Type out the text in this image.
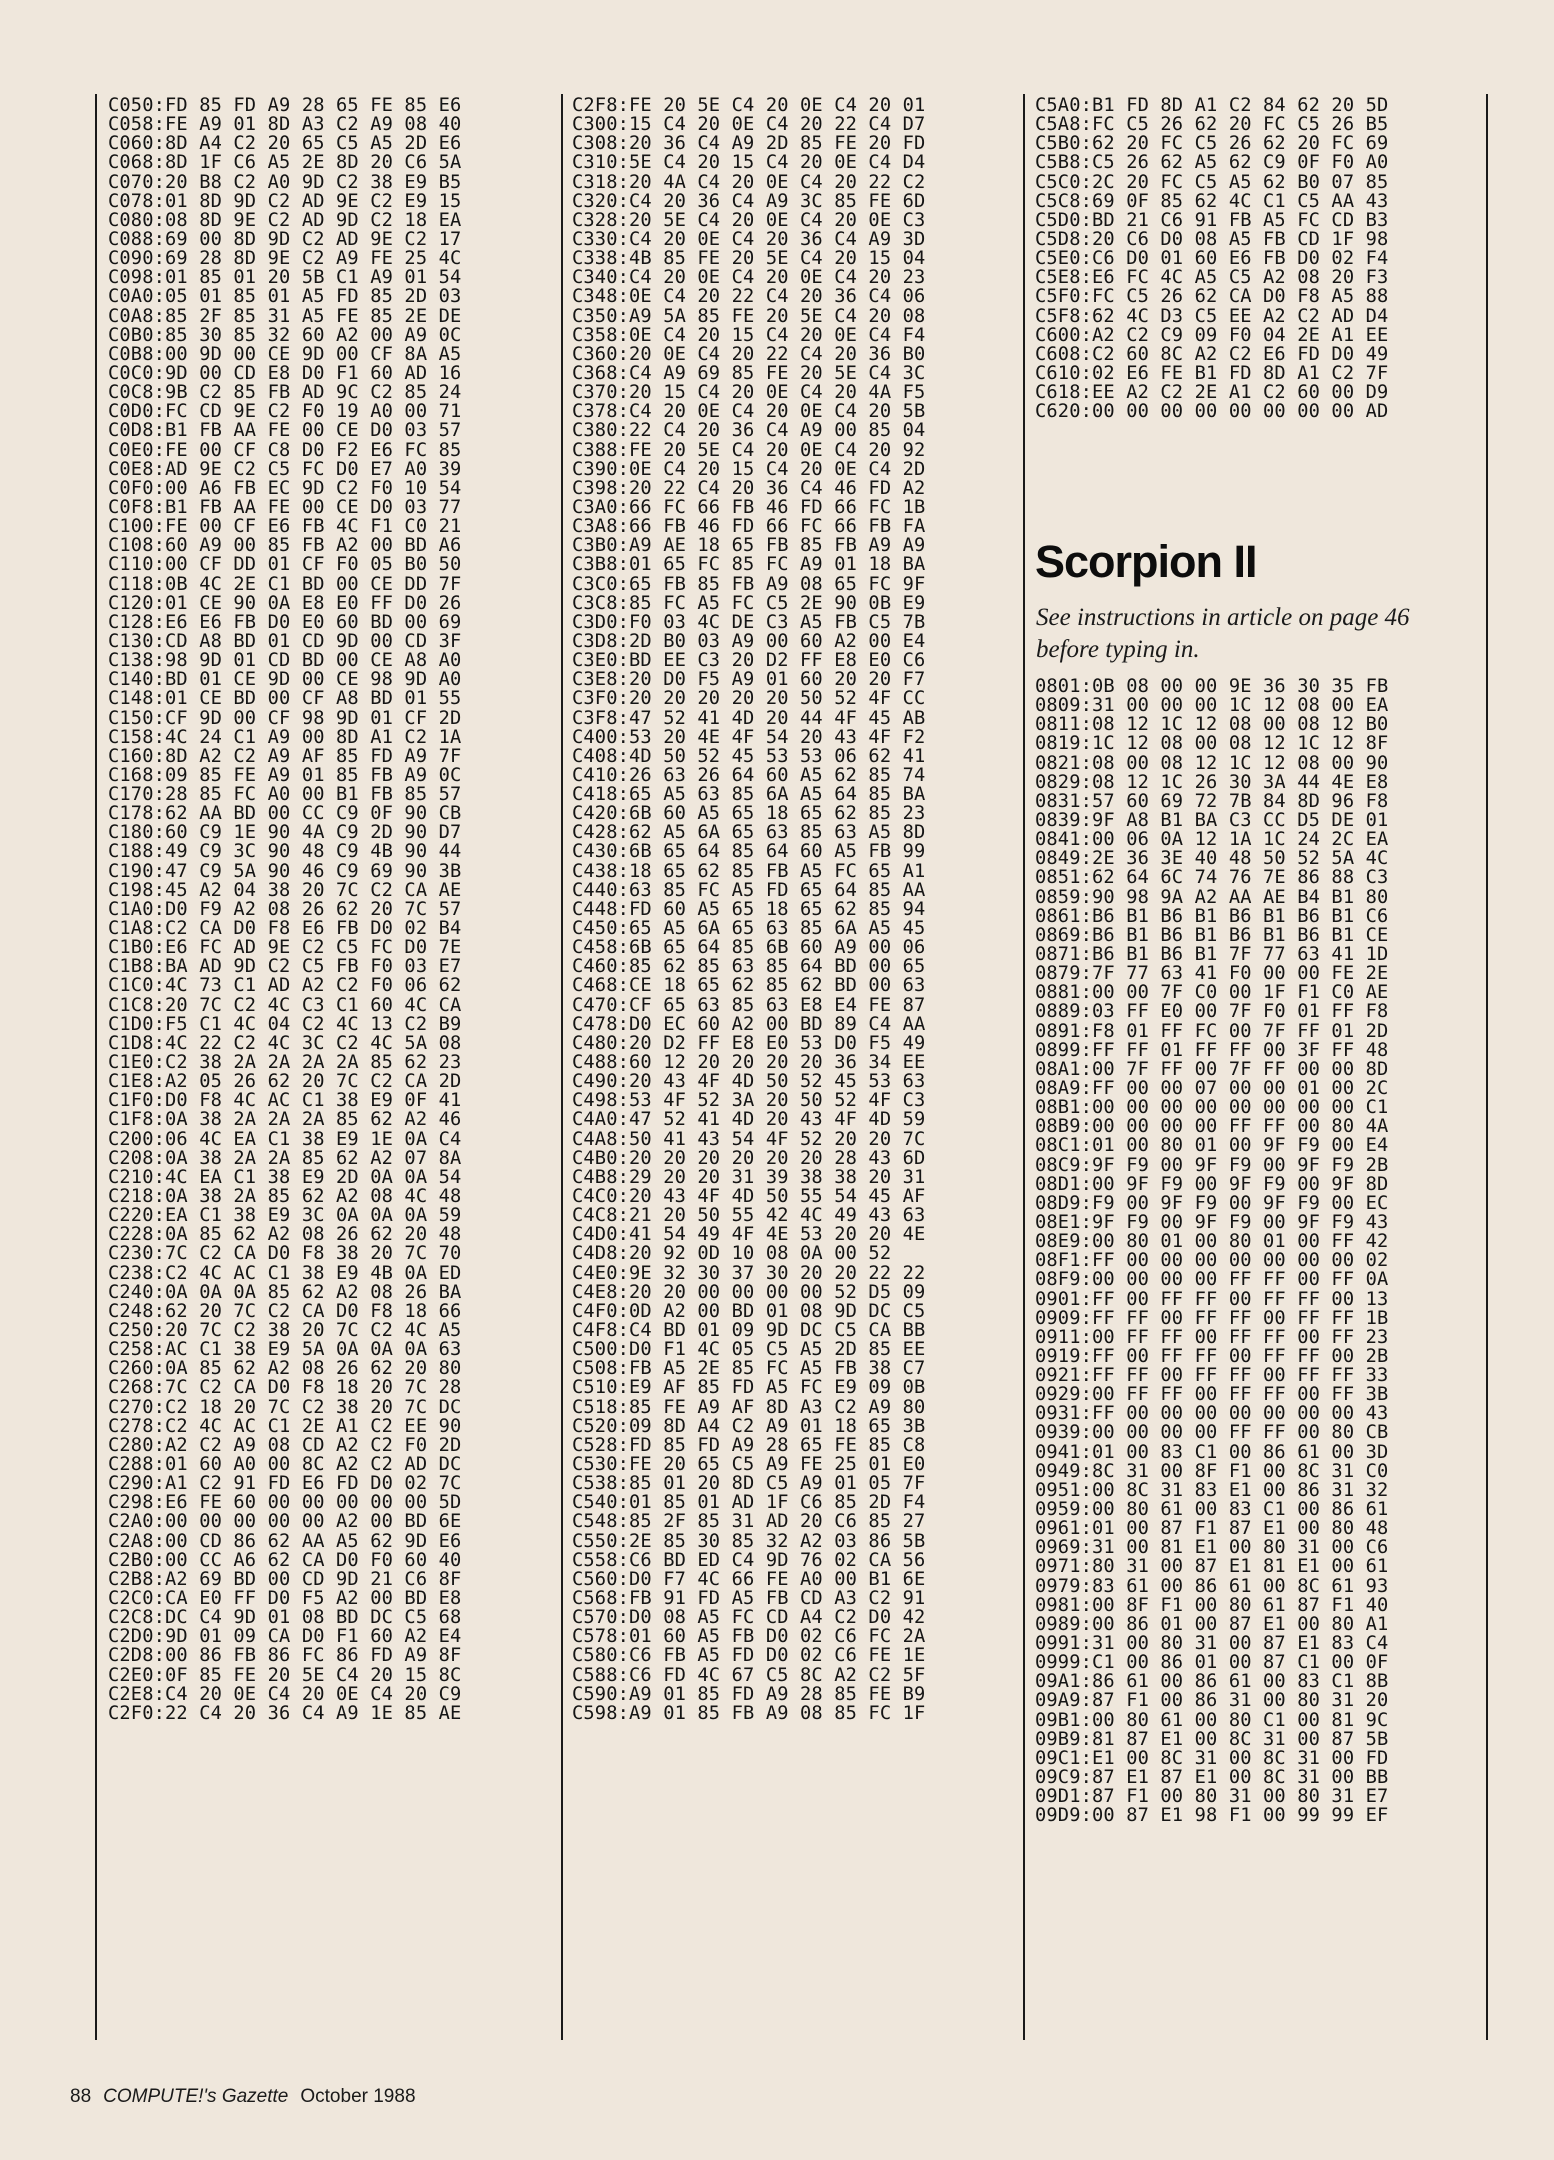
C050:FD 85 FD A9 28 65 FE 85 E6
C058:FE A9 01 8D A3 C2 A9 08 40
C060:8D A4 C2 20 65 C5 A5 2D E6
C068:8D 1F C6 A5 2E 8D 20 C6 5A
C070:20 B8 C2 A0 9D C2 38 E9 B5
C078:01 8D 9D C2 AD 9E C2 E9 15
C080:08 8D 9E C2 AD 9D C2 18 EA
C088:69 00 8D 9D C2 AD 9E C2 17
C090:69 28 8D 9E C2 A9 FE 25 4C
C098:01 85 01 20 5B C1 A9 01 54
C0A0:05 01 85 01 A5 FD 85 2D 03
C0A8:85 2F 85 31 A5 FE 85 2E DE
C0B0:85 30 85 32 60 A2 00 A9 0C
C0B8:00 9D 00 CE 9D 00 CF 8A A5
C0C0:9D 00 CD E8 D0 F1 60 AD 16
C0C8:9B C2 85 FB AD 9C C2 85 24
C0D0:FC CD 9E C2 F0 19 A0 00 71
C0D8:B1 FB AA FE 00 CE D0 03 57
C0E0:FE 00 CF C8 D0 F2 E6 FC 85
C0E8:AD 9E C2 C5 FC D0 E7 A0 39
C0F0:00 A6 FB EC 9D C2 F0 10 54
C0F8:B1 FB AA FE 00 CE D0 03 77
C100:FE 00 CF E6 FB 4C F1 C0 21
C108:60 A9 00 85 FB A2 00 BD A6
C110:00 CF DD 01 CF F0 05 B0 50
C118:0B 4C 2E C1 BD 00 CE DD 7F
C120:01 CE 90 0A E8 E0 FF D0 26
C128:E6 E6 FB D0 E0 60 BD 00 69
C130:CD A8 BD 01 CD 9D 00 CD 3F
C138:98 9D 01 CD BD 00 CE A8 A0
C140:BD 01 CE 9D 00 CE 98 9D A0
C148:01 CE BD 00 CF A8 BD 01 55
C150:CF 9D 00 CF 98 9D 01 CF 2D
C158:4C 24 C1 A9 00 8D A1 C2 1A
C160:8D A2 C2 A9 AF 85 FD A9 7F
C168:09 85 FE A9 01 85 FB A9 0C
C170:28 85 FC A0 00 B1 FB 85 57
C178:62 AA BD 00 CC C9 0F 90 CB
C180:60 C9 1E 90 4A C9 2D 90 D7
C188:49 C9 3C 90 48 C9 4B 90 44
C190:47 C9 5A 90 46 C9 69 90 3B
C198:45 A2 04 38 20 7C C2 CA AE
C1A0:D0 F9 A2 08 26 62 20 7C 57
C1A8:C2 CA D0 F8 E6 FB D0 02 B4
C1B0:E6 FC AD 9E C2 C5 FC D0 7E
C1B8:BA AD 9D C2 C5 FB F0 03 E7
C1C0:4C 73 C1 AD A2 C2 F0 06 62
C1C8:20 7C C2 4C C3 C1 60 4C CA
C1D0:F5 C1 4C 04 C2 4C 13 C2 B9
C1D8:4C 22 C2 4C 3C C2 4C 5A 08
C1E0:C2 38 2A 2A 2A 2A 85 62 23
C1E8:A2 05 26 62 20 7C C2 CA 2D
C1F0:D0 F8 4C AC C1 38 E9 0F 41
C1F8:0A 38 2A 2A 2A 85 62 A2 46
C200:06 4C EA C1 38 E9 1E 0A C4
C208:0A 38 2A 2A 85 62 A2 07 8A
C210:4C EA C1 38 E9 2D 0A 0A 54
C218:0A 38 2A 85 62 A2 08 4C 48
C220:EA C1 38 E9 3C 0A 0A 0A 59
C228:0A 85 62 A2 08 26 62 20 48
C230:7C C2 CA D0 F8 38 20 7C 70
C238:C2 4C AC C1 38 E9 4B 0A ED
C240:0A 0A 0A 85 62 A2 08 26 BA
C248:62 20 7C C2 CA D0 F8 18 66
C250:20 7C C2 38 20 7C C2 4C A5
C258:AC C1 38 E9 5A 0A 0A 0A 63
C260:0A 85 62 A2 08 26 62 20 80
C268:7C C2 CA D0 F8 18 20 7C 28
C270:C2 18 20 7C C2 38 20 7C DC
C278:C2 4C AC C1 2E A1 C2 EE 90
C280:A2 C2 A9 08 CD A2 C2 F0 2D
C288:01 60 A0 00 8C A2 C2 AD DC
C290:A1 C2 91 FD E6 FD D0 02 7C
C298:E6 FE 60 00 00 00 00 00 5D
C2A0:00 00 00 00 00 A2 00 BD 6E
C2A8:00 CD 86 62 AA A5 62 9D E6
C2B0:00 CC A6 62 CA D0 F0 60 40
C2B8:A2 69 BD 00 CD 9D 21 C6 8F
C2C0:CA E0 FF D0 F5 A2 00 BD E8
C2C8:DC C4 9D 01 08 BD DC C5 68
C2D0:9D 01 09 CA D0 F1 60 A2 E4
C2D8:00 86 FB 86 FC 86 FD A9 8F
C2E0:0F 85 FE 20 5E C4 20 15 8C
C2E8:C4 20 0E C4 20 0E C4 20 C9
C2F0:22 C4 20 36 C4 A9 1E 85 AE
C2F8:FE 20 5E C4 20 0E C4 20 01
C300:15 C4 20 0E C4 20 22 C4 D7
C308:20 36 C4 A9 2D 85 FE 20 FD
C310:5E C4 20 15 C4 20 0E C4 D4
C318:20 4A C4 20 0E C4 20 22 C2
C320:C4 20 36 C4 A9 3C 85 FE 6D
C328:20 5E C4 20 0E C4 20 0E C3
C330:C4 20 0E C4 20 36 C4 A9 3D
C338:4B 85 FE 20 5E C4 20 15 04
C340:C4 20 0E C4 20 0E C4 20 23
C348:0E C4 20 22 C4 20 36 C4 06
C350:A9 5A 85 FE 20 5E C4 20 08
C358:0E C4 20 15 C4 20 0E C4 F4
C360:20 0E C4 20 22 C4 20 36 B0
C368:C4 A9 69 85 FE 20 5E C4 3C
C370:20 15 C4 20 0E C4 20 4A F5
C378:C4 20 0E C4 20 0E C4 20 5B
C380:22 C4 20 36 C4 A9 00 85 04
C388:FE 20 5E C4 20 0E C4 20 92
C390:0E C4 20 15 C4 20 0E C4 2D
C398:20 22 C4 20 36 C4 46 FD A2
C3A0:66 FC 66 FB 46 FD 66 FC 1B
C3A8:66 FB 46 FD 66 FC 66 FB FA
C3B0:A9 AE 18 65 FB 85 FB A9 A9
C3B8:01 65 FC 85 FC A9 01 18 BA
C3C0:65 FB 85 FB A9 08 65 FC 9F
C3C8:85 FC A5 FC C5 2E 90 0B E9
C3D0:F0 03 4C DE C3 A5 FB C5 7B
C3D8:2D B0 03 A9 00 60 A2 00 E4
C3E0:BD EE C3 20 D2 FF E8 E0 C6
C3E8:20 D0 F5 A9 01 60 20 20 F7
C3F0:20 20 20 20 20 50 52 4F CC
C3F8:47 52 41 4D 20 44 4F 45 AB
C400:53 20 4E 4F 54 20 43 4F F2
C408:4D 50 52 45 53 53 06 62 41
C410:26 63 26 64 60 A5 62 85 74
C418:65 A5 63 85 6A A5 64 85 BA
C420:6B 60 A5 65 18 65 62 85 23
C428:62 A5 6A 65 63 85 63 A5 8D
C430:6B 65 64 85 64 60 A5 FB 99
C438:18 65 62 85 FB A5 FC 65 A1
C440:63 85 FC A5 FD 65 64 85 AA
C448:FD 60 A5 65 18 65 62 85 94
C450:65 A5 6A 65 63 85 6A A5 45
C458:6B 65 64 85 6B 60 A9 00 06
C460:85 62 85 63 85 64 BD 00 65
C468:CE 18 65 62 85 62 BD 00 63
C470:CF 65 63 85 63 E8 E4 FE 87
C478:D0 EC 60 A2 00 BD 89 C4 AA
C480:20 D2 FF E8 E0 53 D0 F5 49
C488:60 12 20 20 20 20 36 34 EE
C490:20 43 4F 4D 50 52 45 53 63
C498:53 4F 52 3A 20 50 52 4F C3
C4A0:47 52 41 4D 20 43 4F 4D 59
C4A8:50 41 43 54 4F 52 20 20 7C
C4B0:20 20 20 20 20 20 28 43 6D
C4B8:29 20 20 31 39 38 38 20 31
C4C0:20 43 4F 4D 50 55 54 45 AF
C4C8:21 20 50 55 42 4C 49 43 63
C4D0:41 54 49 4F 4E 53 20 20 4E
C4D8:20 92 0D 10 08 0A 00 52
C4E0:9E 32 30 37 30 20 20 22 22
C4E8:20 20 00 00 00 00 52 D5 09
C4F0:0D A2 00 BD 01 08 9D DC C5
C4F8:C4 BD 01 09 9D DC C5 CA BB
C500:D0 F1 4C 05 C5 A5 2D 85 EE
C508:FB A5 2E 85 FC A5 FB 38 C7
C510:E9 AF 85 FD A5 FC E9 09 0B
C518:85 FE A9 AF 8D A3 C2 A9 80
C520:09 8D A4 C2 A9 01 18 65 3B
C528:FD 85 FD A9 28 65 FE 85 C8
C530:FE 20 65 C5 A9 FE 25 01 E0
C538:85 01 20 8D C5 A9 01 05 7F
C540:01 85 01 AD 1F C6 85 2D F4
C548:85 2F 85 31 AD 20 C6 85 27
C550:2E 85 30 85 32 A2 03 86 5B
C558:C6 BD ED C4 9D 76 02 CA 56
C560:D0 F7 4C 66 FE A0 00 B1 6E
C568:FB 91 FD A5 FB CD A3 C2 91
C570:D0 08 A5 FC CD A4 C2 D0 42
C578:01 60 A5 FB D0 02 C6 FC 2A
C580:C6 FB A5 FD D0 02 C6 FE 1E
C588:C6 FD 4C 67 C5 8C A2 C2 5F
C590:A9 01 85 FD A9 28 85 FE B9
C598:A9 01 85 FB A9 08 85 FC 1F
C5A0:B1 FD 8D A1 C2 84 62 20 5D
C5A8:FC C5 26 62 20 FC C5 26 B5
C5B0:62 20 FC C5 26 62 20 FC 69
C5B8:C5 26 62 A5 62 C9 0F F0 A0
C5C0:2C 20 FC C5 A5 62 B0 07 85
C5C8:69 0F 85 62 4C C1 C5 AA 43
C5D0:BD 21 C6 91 FB A5 FC CD B3
C5D8:20 C6 D0 08 A5 FB CD 1F 98
C5E0:C6 D0 01 60 E6 FB D0 02 F4
C5E8:E6 FC 4C A5 C5 A2 08 20 F3
C5F0:FC C5 26 62 CA D0 F8 A5 88
C5F8:62 4C D3 C5 EE A2 C2 AD D4
C600:A2 C2 C9 09 F0 04 2E A1 EE
C608:C2 60 8C A2 C2 E6 FD D0 49
C610:02 E6 FE B1 FD 8D A1 C2 7F
C618:EE A2 C2 2E A1 C2 60 00 D9
C620:00 00 00 00 00 00 00 00 AD
Scorpion II
See instructions in article on page 46 before typing in.
0801:0B 08 00 00 9E 36 30 35 FB
0809:31 00 00 00 1C 12 08 00 EA
0811:08 12 1C 12 08 00 08 12 B0
0819:1C 12 08 00 08 12 1C 12 8F
0821:08 00 08 12 1C 12 08 00 90
0829:08 12 1C 26 30 3A 44 4E E8
0831:57 60 69 72 7B 84 8D 96 F8
0839:9F A8 B1 BA C3 CC D5 DE 01
0841:00 06 0A 12 1A 1C 24 2C EA
0849:2E 36 3E 40 48 50 52 5A 4C
0851:62 64 6C 74 76 7E 86 88 C3
0859:90 98 9A A2 AA AE B4 B1 80
0861:B6 B1 B6 B1 B6 B1 B6 B1 C6
0869:B6 B1 B6 B1 B6 B1 B6 B1 CE
0871:B6 B1 B6 B1 7F 77 63 41 1D
0879:7F 77 63 41 F0 00 00 FE 2E
0881:00 00 7F C0 00 1F F1 C0 AE
0889:03 FF E0 00 7F F0 01 FF F8
0891:F8 01 FF FC 00 7F FF 01 2D
0899:FF FF 01 FF FF 00 3F FF 48
08A1:00 7F FF 00 7F FF 00 00 8D
08A9:FF 00 00 07 00 00 01 00 2C
08B1:00 00 00 00 00 00 00 00 C1
08B9:00 00 00 00 FF FF 00 80 4A
08C1:01 00 80 01 00 9F F9 00 E4
08C9:9F F9 00 9F F9 00 9F F9 2B
08D1:00 9F F9 00 9F F9 00 9F 8D
08D9:F9 00 9F F9 00 9F F9 00 EC
08E1:9F F9 00 9F F9 00 9F F9 43
08E9:00 80 01 00 80 01 00 FF 42
08F1:FF 00 00 00 00 00 00 00 02
08F9:00 00 00 00 FF FF 00 FF 0A
0901:FF 00 FF FF 00 FF FF 00 13
0909:FF FF 00 FF FF 00 FF FF 1B
0911:00 FF FF 00 FF FF 00 FF 23
0919:FF 00 FF FF 00 FF FF 00 2B
0921:FF FF 00 FF FF 00 FF FF 33
0929:00 FF FF 00 FF FF 00 FF 3B
0931:FF 00 00 00 00 00 00 00 43
0939:00 00 00 00 FF FF 00 80 CB
0941:01 00 83 C1 00 86 61 00 3D
0949:8C 31 00 8F F1 00 8C 31 C0
0951:00 8C 31 83 E1 00 86 31 32
0959:00 80 61 00 83 C1 00 86 61
0961:01 00 87 F1 87 E1 00 80 48
0969:31 00 81 E1 00 80 31 00 C6
0971:80 31 00 87 E1 81 E1 00 61
0979:83 61 00 86 61 00 8C 61 93
0981:00 8F F1 00 80 61 87 F1 40
0989:00 86 01 00 87 E1 00 80 A1
0991:31 00 80 31 00 87 E1 83 C4
0999:C1 00 86 01 00 87 C1 00 0F
09A1:86 61 00 86 61 00 83 C1 8B
09A9:87 F1 00 86 31 00 80 31 20
09B1:00 80 61 00 80 C1 00 81 9C
09B9:81 87 E1 00 8C 31 00 87 5B
09C1:E1 00 8C 31 00 8C 31 00 FD
09C9:87 E1 87 E1 00 8C 31 00 BB
09D1:87 F1 00 80 31 00 80 31 E7
09D9:00 87 E1 98 F1 00 99 99 EF
88 COMPUTE!'s Gazette October 1988
